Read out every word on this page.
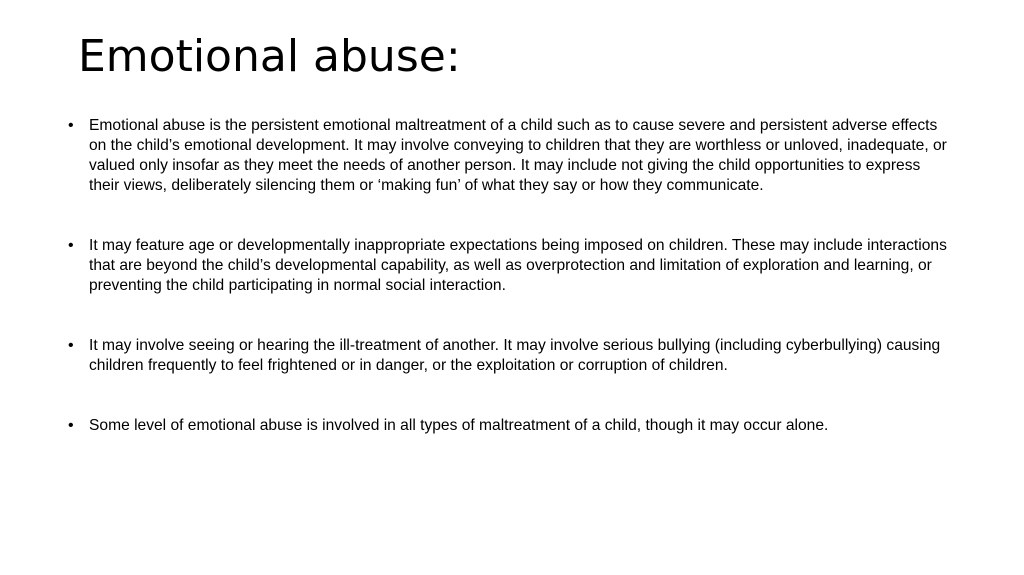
Emotional abuse:
• Emotional abuse is the persistent emotional maltreatment of a child such as to cause severe and persistent adverse effects on the child’s emotional development. It may involve conveying to children that they are worthless or unloved, inadequate, or valued only insofar as they meet the needs of another person. It may include not giving the child opportunities to express their views, deliberately silencing them or ‘making fun’ of what they say or how they communicate.
• It may feature age or developmentally inappropriate expectations being imposed on children. These may include interactions that are beyond the child’s developmental capability, as well as overprotection and limitation of exploration and learning, or preventing the child participating in normal social interaction.
• It may involve seeing or hearing the ill-treatment of another. It may involve serious bullying (including cyberbullying) causing children frequently to feel frightened or in danger, or the exploitation or corruption of children.
• Some level of emotional abuse is involved in all types of maltreatment of a child, though it may occur alone.
